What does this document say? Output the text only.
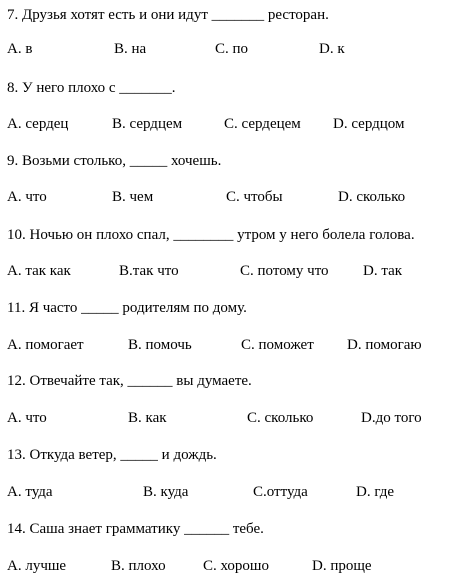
7. Друзья хотят есть и они идут _______ ресторан.
A. в	B. на	C. по	D. к
8. У него плохо с _______.
A. сердец	B. сердцем	C. сердецем D. сердцом
9. Возьми столько, _____ хочешь.
A. что	B. чем	C. чтобы	D. сколько
10. Ночью он плохо спал, ________ утром у него болела голова.
A. так как	B.так что	C. потому что D. так
11. Я часто _____ родителям по дому.
A. помогает	B. помочь	C. поможет D. помогаю
12. Отвечайте так, ______ вы думаете.
A. что	B. как	C. сколько	D.до того
13. Откуда ветер, _____ и дождь.
A. туда	B. куда	C.оттуда	D. где
14. Саша знает грамматику ______ тебе.
A. лучше	B. плохо C. хорошо	D. проще
